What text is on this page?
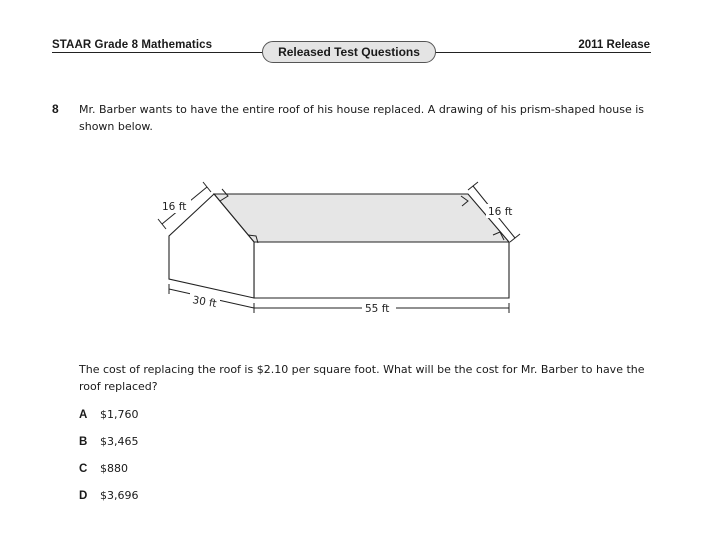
STAAR Grade 8 Mathematics	2011 Release
Released Test Questions
8 Mr. Barber wants to have the entire roof of his house replaced. A drawing of his prism-shaped house is shown below.
16 ft	16 ft
30 ft	55 ft
The cost of replacing the roof is $2.10 per square foot. What will be the cost for Mr. Barber to have the roof replaced?
A $1,760
B $3,465
C $880
D $3,696
